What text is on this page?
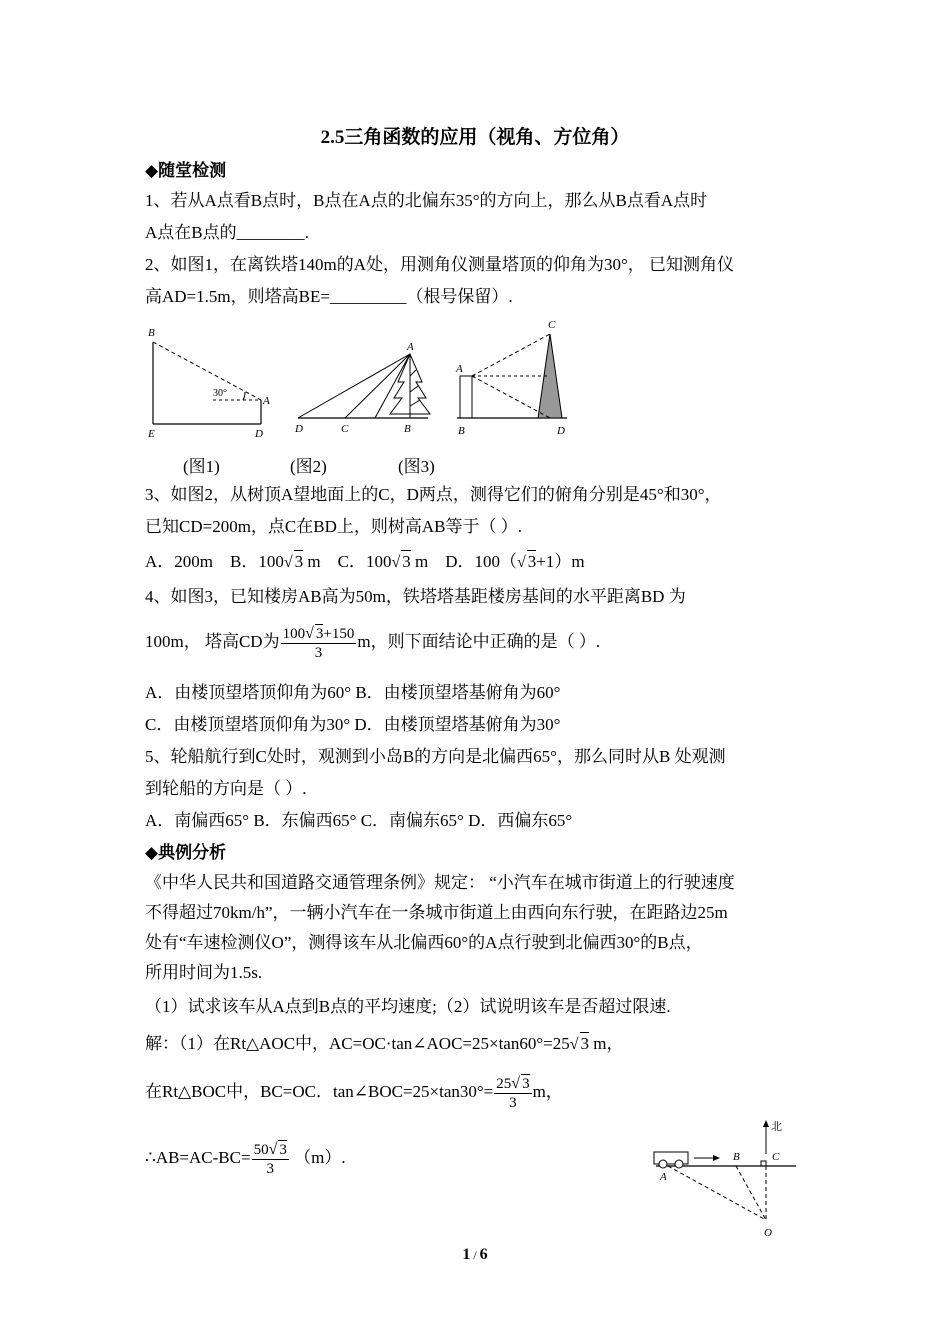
2.5三角函数的应用（视角、方位角）
◆随堂检测
1、若从A点看B点时，B点在A点的北偏东35°的方向上，那么从B点看A点时
A点在B点的________.
2、如图1，在离铁塔140m的A处，用测角仪测量塔顶的仰角为30°， 已知测角仪
高AD=1.5m，则塔高BE=_________（根号保留）.
B
A
E	D
30°
A
D	C	B
C
A
B	D
(图1)	(图2)	(图3)
3、如图2，从树顶A望地面上的C，D两点，测得它们的俯角分别是45°和30°，
已知CD=200m，点C在BD上，则树高AB等于（ ）.
A．200m B．100√ 3 m C．100√ 3 m D．100（√ 3+1）m
4、如图3，已知楼房AB高为50m，铁塔塔基距楼房基间的水平距离BD 为
100m， 塔高CD为 $\frac{100√ 3+150}{3}$ m，则下面结论中正确的是（ ）.
A．由楼顶望塔顶仰角为60° B．由楼顶望塔基俯角为60°
C．由楼顶望塔顶仰角为30° D．由楼顶望塔基俯角为30°
5、轮船航行到C处时，观测到小岛B的方向是北偏西65°，那么同时从B 处观测
到轮船的方向是（ ）.
A．南偏西65° B．东偏西65° C．南偏东65° D．西偏东65°
◆典例分析
《中华人民共和国道路交通管理条例》规定： “小汽车在城市街道上的行驶速度
不得超过70km/h”，一辆小汽车在一条城市街道上由西向东行驶，在距路边25m
处有“车速检测仪O”，测得该车从北偏西60°的A点行驶到北偏西30°的B点，
所用时间为1.5s.
（1）试求该车从A点到B点的平均速度;（2）试说明该车是否超过限速.
解：（1）在Rt△AOC中，AC=OC·tan∠AOC=25×tan60°=25√ 3 m，
在Rt△BOC中，BC=OC．tan∠BOC=25×tan30°= $\frac{25√ 3}{3}$ m，
∴AB=AC-BC= $\frac{50√ 3}{3} (m)$.
北
A
B	C
O
1 / 6
